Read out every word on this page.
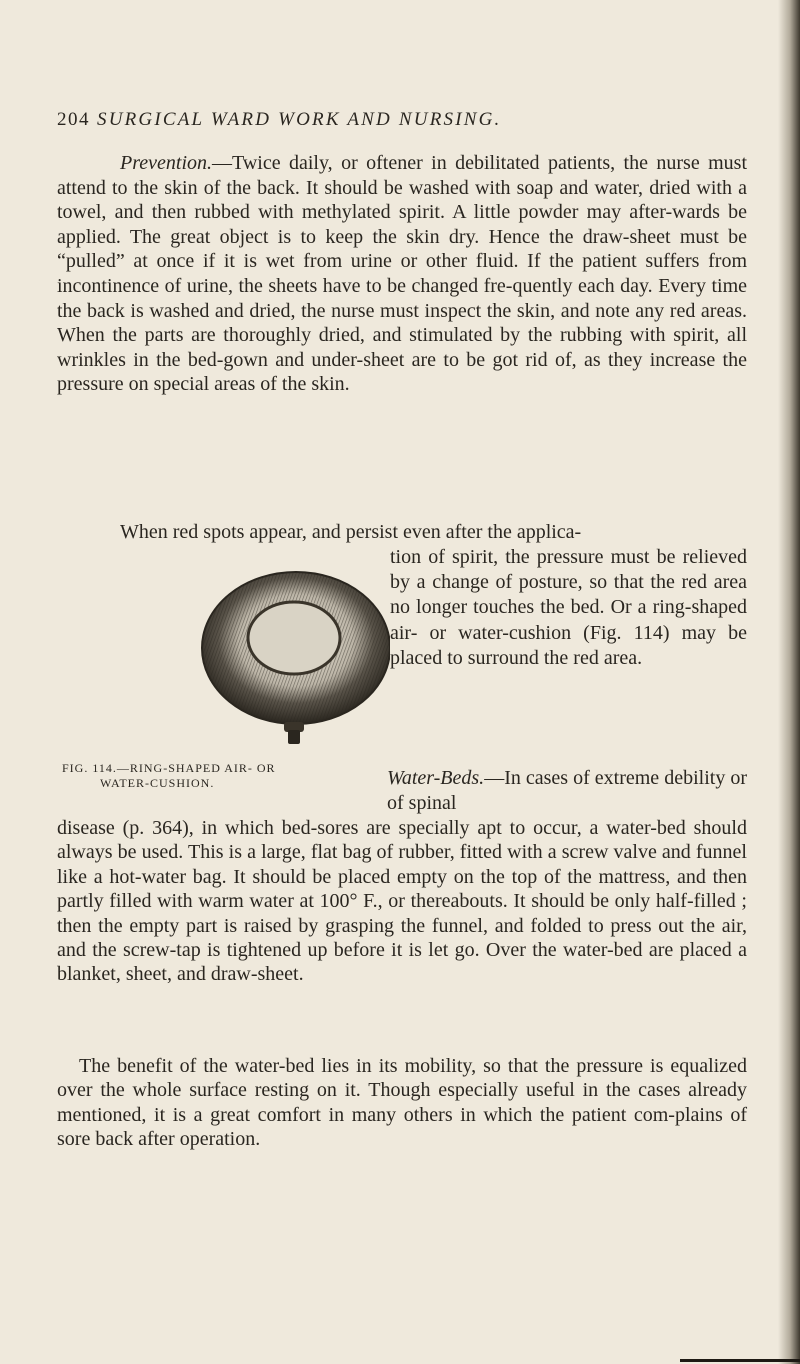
204 SURGICAL WARD WORK AND NURSING.

Prevention.—Twice daily, or oftener in debilitated patients, the nurse must attend to the skin of the back. It should be washed with soap and water, dried with a towel, and then rubbed with methylated spirit. A little powder may after-wards be applied. The great object is to keep the skin dry. Hence the draw-sheet must be “pulled” at once if it is wet from urine or other fluid. If the patient suffers from incontinence of urine, the sheets have to be changed fre-quently each day. Every time the back is washed and dried, the nurse must inspect the skin, and note any red areas. When the parts are thoroughly dried, and stimulated by the rubbing with spirit, all wrinkles in the bed-gown and under-sheet are to be got rid of, as they increase the pressure on special areas of the skin.

When red spots appear, and persist even after the applica-
tion of spirit, the pressure must be relieved by a change of posture, so that the red area no longer touches the bed. Or a ring-shaped air- or water-cushion (Fig. 114) may be placed to surround the red area.
FIG. 114.—RING-SHAPED AIR- OR
WATER-CUSHION.	Water-Beds.—In cases of extreme debility or of spinal
disease (p. 364), in which bed-sores are specially apt to occur, a water-bed should always be used. This is a large, flat bag of rubber, fitted with a screw valve and funnel like a hot-water bag. It should be placed empty on the top of the mattress, and then partly filled with warm water at 100° F., or thereabouts. It should be only half-filled ; then the empty part is raised by grasping the funnel, and folded to press out the air, and the screw-tap is tightened up before it is let go. Over the water-bed are placed a blanket, sheet, and draw-sheet.
The benefit of the water-bed lies in its mobility, so that the pressure is equalized over the whole surface resting on it. Though especially useful in the cases already mentioned, it is a great comfort in many others in which the patient com-plains of sore back after operation.
